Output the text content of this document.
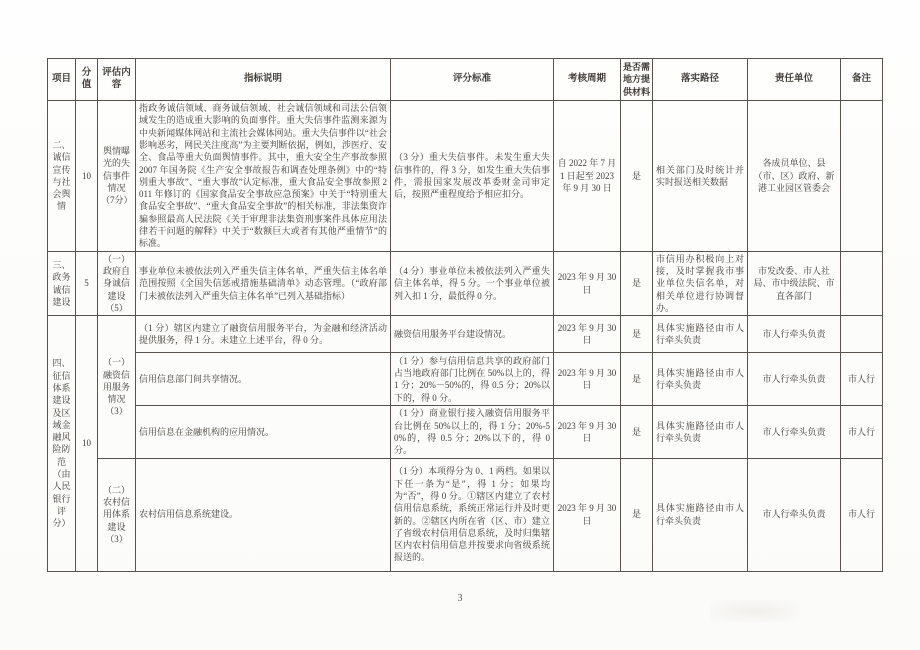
项目	分值	评估内容	指标说明	评分标准	考核周期	是否需地方提供材料	落实路径	责任单位	备注
二、诚信宣传与社会舆情	10	舆情曝光的失信事件情况（7分）	指政务诚信领域、商务诚信领域、社会诚信领域和司法公信领域发生的造成重大影响的负面事件。重大失信事件监测来源为中央新闻媒体网站和主流社会媒体网站。重大失信事件以“社会影响恶劣，网民关注度高”为主要判断依据，例如，涉医疗、安全、食品等重大负面舆情事件。其中，重大安全生产事故参照 2007 年国务院《生产安全事故报告和调查处理条例》中的“特别重大事故”、“重大事故”认定标准，重大食品安全事故参照 2011 年修订的《国家食品安全事故应急预案》中关于“特别重大食品安全事故”、“重大食品安全事故”的相关标准，非法集资诈骗参照最高人民法院《关于审理非法集资刑事案件具体应用法律若干问题的解释》中关于“数额巨大或者有其他严重情节”的标准。	（3 分）重大失信事件。未发生重大失信事件的，得 3 分，如发生重大失信事件，需报国家发展改革委财金司审定后，按照严重程度给予相应扣分。	自 2022 年 7 月 1 日起至 2023 年 9 月 30 日	是	相关部门及时统计并实时报送相关数据	各成员单位、县（市、区）政府、新港工业园区管委会	
三、政务诚信建设	5	（一）政府自身诚信建设（5）	事业单位未被依法列入严重失信主体名单，严重失信主体名单范围按照《全国失信惩戒措施基础清单》动态管理。（“政府部门未被依法列入严重失信主体名单”已列入基础指标）	（4 分）事业单位未被依法列入严重失信主体名单，得 5 分。一个事业单位被列入扣 1 分，最低得 0 分。	2023 年 9 月 30 日	是	市信用办积极向上对接，及时掌握我市事业单位失信名单，对相关单位进行协调督办。	市发改委、市人社局、市中级法院、市直各部门	
四、征信体系建设及区域金融风险防范（由人民银行评分）	10	（一）融资信用服务情况（3）	（1 分）辖区内建立了融资信用服务平台，为金融和经济活动提供服务，得 1 分。未建立上述平台，得 0 分。	融资信用服务平台建设情况。	2023 年 9 月 30 日	是	具体实施路径由市人行牵头负责	市人行牵头负责	
			信用信息部门间共享情况。	（1 分）参与信用信息共享的政府部门占当地政府部门比例在 50%以上的，得 1 分；20%－50%的，得 0.5 分；20%以下的，得 0 分。	2023 年 9 月 30 日	是	具体实施路径由市人行牵头负责	市人行牵头负责	市人行
			信用信息在金融机构的应用情况。	（1 分）商业银行接入融资信用服务平台比例在 50%以上的，得 1 分；20%-50%的，得 0.5 分；20%以下的，得 0 分。	2023 年 9 月 30 日	是	具体实施路径由市人行牵头负责	市人行牵头负责	市人行
		（二）农村信用体系建设（3）	农村信用信息系统建设。	（1 分）本项得分为 0、1 两档。如果以下任一条为“是”，得 1 分；如果均为“否”，得 0 分。①辖区内建立了农村信用信息系统，系统正常运行并及时更新的。②辖区内所在省（区、市）建立了省级农村信用信息系统，及时归集辖区内农村信用信息并按要求向省级系统报送的。	2023 年 9 月 30 日	是	具体实施路径由市人行牵头负责	市人行牵头负责	市人行
3
